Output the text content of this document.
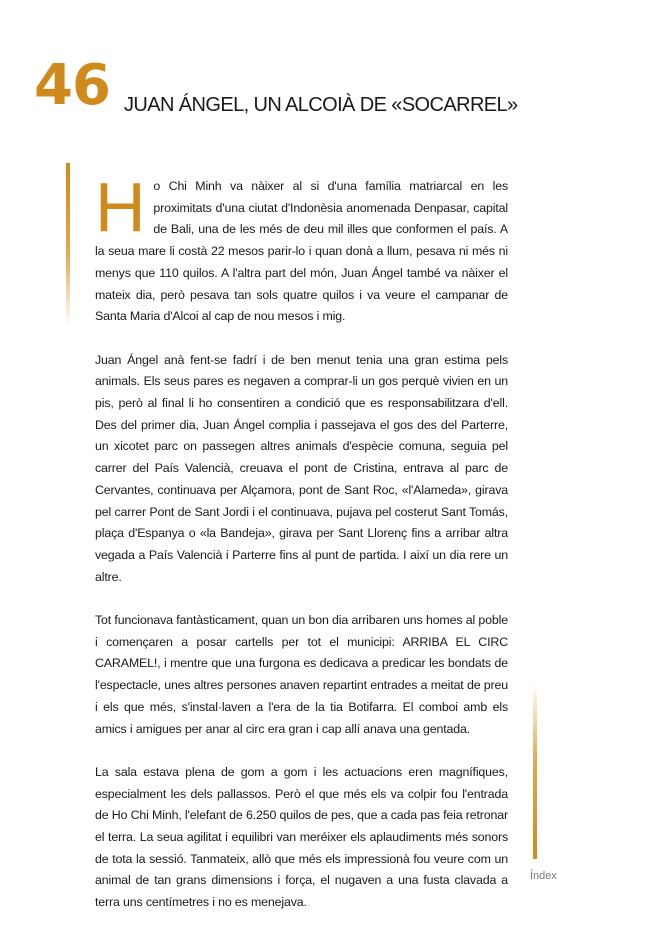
46 JUAN ÁNGEL, UN ALCOIÀ DE «SOCARREL»

Ho Chi Minh va nàixer al si d'una família matriarcal en les proximitats d'una ciutat d'Indonèsia anomenada Denpasar, capital de Bali, una de les més de deu mil illes que conformen el país. A la seua mare li costà 22 mesos parir-lo i quan donà a llum, pesava ni més ni menys que 110 quilos. A l'altra part del món, Juan Ángel també va nàixer el mateix dia, però pesava tan sols quatre quilos i va veure el campanar de Santa Maria d'Alcoi al cap de nou mesos i mig.

Juan Ángel anà fent-se fadrí i de ben menut tenia una gran estima pels animals. Els seus pares es negaven a comprar-li un gos perquè vivien en un pis, però al final li ho consentiren a condició que es responsabilitzara d'ell. Des del primer dia, Juan Ángel complia i passejava el gos des del Parterre, un xicotet parc on passegen altres animals d'espècie comuna, seguia pel carrer del País Valencià, creuava el pont de Cristina, entrava al parc de Cervantes, continuava per Alçamora, pont de Sant Roc, «l'Alameda», girava pel carrer Pont de Sant Jordi i el continuava, pujava pel costerut Sant Tomás, plaça d'Espanya o «la Bandeja», girava per Sant Llorenç fins a arribar altra vegada a País Valencià i Parterre fins al punt de partida. I així un dia rere un altre.

Tot funcionava fantàsticament, quan un bon dia arribaren uns homes al poble i començaren a posar cartells per tot el municipi: ARRIBA EL CIRC CARAMEL!, i mentre que una furgona es dedicava a predicar les bondats de l'espectacle, unes altres persones anaven repartint entrades a meitat de preu i els que més, s'instal·laven a l'era de la tia Botifarra. El comboi amb els amics i amigues per anar al circ era gran i cap allí anava una gentada.

La sala estava plena de gom a gom i les actuacions eren magnífiques, especialment les dels pallassos. Però el que més els va colpir fou l'entrada de Ho Chi Minh, l'elefant de 6.250 quilos de pes, que a cada pas feia retronar el terra. La seua agilitat i equilibri van meréixer els aplaudiments més sonors de tota la sessió. Tanmateix, allò que més els impressionà fou veure com un animal de tan grans dimensions i força, el nugaven a una fusta clavada a terra uns centímetres i no es menejava.

Índex
